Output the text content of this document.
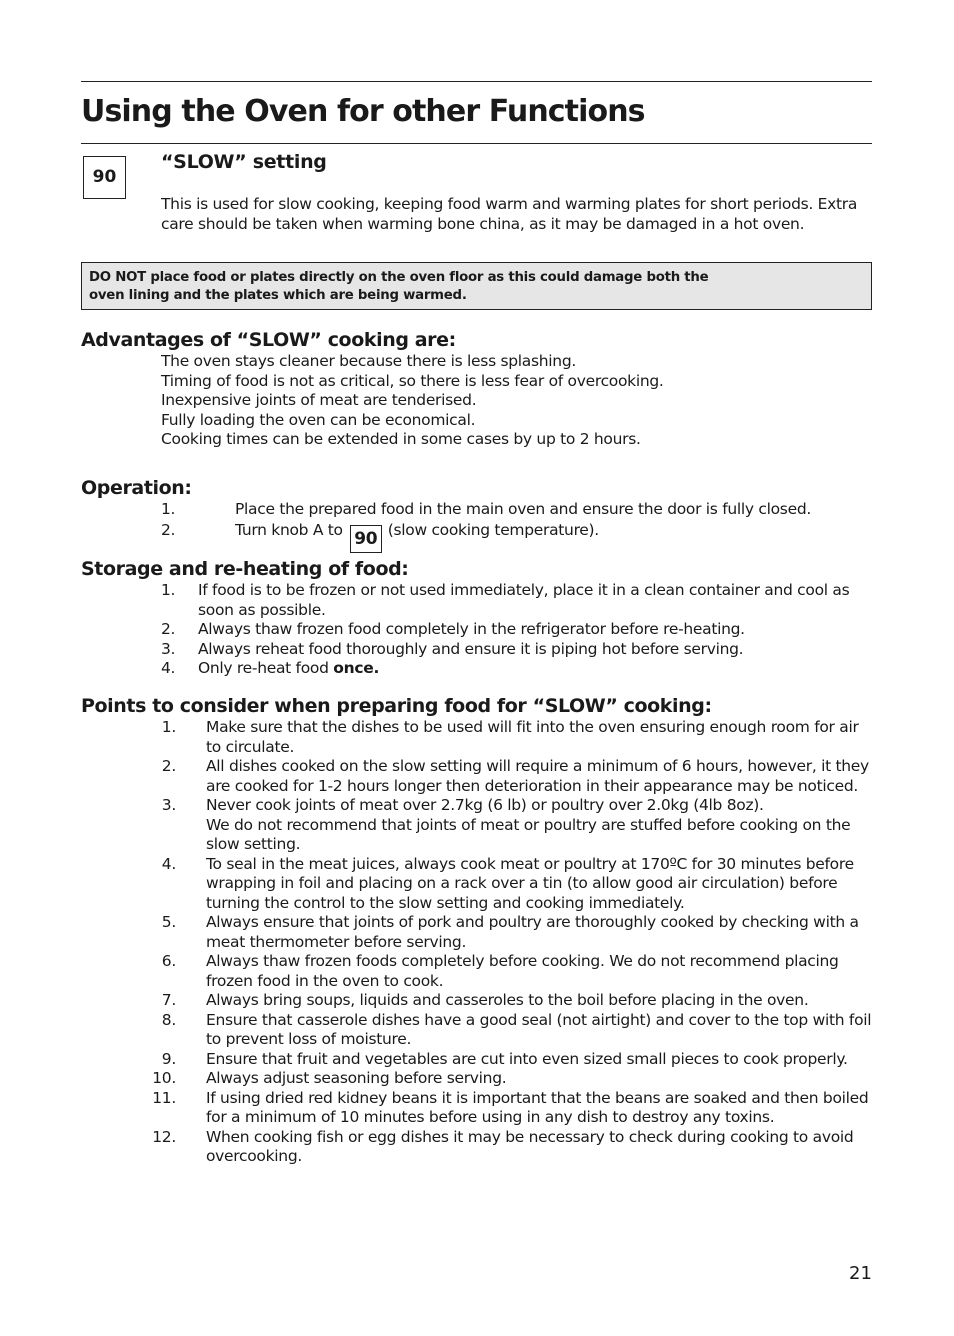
Using the Oven for other Functions
90
“SLOW” setting

This is used for slow cooking, keeping food warm and warming plates for short periods. Extra care should be taken when warming bone china, as it may be damaged in a hot oven.

DO NOT place food or plates directly on the oven floor as this could damage both the
oven lining and the plates which are being warmed.
Advantages of “SLOW” cooking are:
The oven stays cleaner because there is less splashing.
Timing of food is not as critical, so there is less fear of overcooking.
Inexpensive joints of meat are tenderised.
Fully loading the oven can be economical.
Cooking times can be extended in some cases by up to 2 hours.
Operation:
1.	Place the prepared food in the main oven and ensure the door is fully closed.
2.	Turn knob A to 90 (slow cooking temperature).
Storage and re-heating of food:
1. If food is to be frozen or not used immediately, place it in a clean container and cool as soon as possible.
2. Always thaw frozen food completely in the refrigerator before re-heating.
3. Always reheat food thoroughly and ensure it is piping hot before serving.
4. Only re-heat food once.
Points to consider when preparing food for “SLOW” cooking:
1. Make sure that the dishes to be used will fit into the oven ensuring enough room for air to circulate.
2. All dishes cooked on the slow setting will require a minimum of 6 hours, however, it they are cooked for 1-2 hours longer then deterioration in their appearance may be noticed.
3. Never cook joints of meat over 2.7kg (6 lb) or poultry over 2.0kg (4lb 8oz).
We do not recommend that joints of meat or poultry are stuffed before cooking on the slow setting.
4. To seal in the meat juices, always cook meat or poultry at 170ºC for 30 minutes before wrapping in foil and placing on a rack over a tin (to allow good air circulation) before turning the control to the slow setting and cooking immediately.
5. Always ensure that joints of pork and poultry are thoroughly cooked by checking with a meat thermometer before serving.
6. Always thaw frozen foods completely before cooking. We do not recommend placing frozen food in the oven to cook.
7. Always bring soups, liquids and casseroles to the boil before placing in the oven.
8. Ensure that casserole dishes have a good seal (not airtight) and cover to the top with foil to prevent loss of moisture.
9. Ensure that fruit and vegetables are cut into even sized small pieces to cook properly.
10. Always adjust seasoning before serving.
11. If using dried red kidney beans it is important that the beans are soaked and then boiled for a minimum of 10 minutes before using in any dish to destroy any toxins.
12. When cooking fish or egg dishes it may be necessary to check during cooking to avoid overcooking.

21
